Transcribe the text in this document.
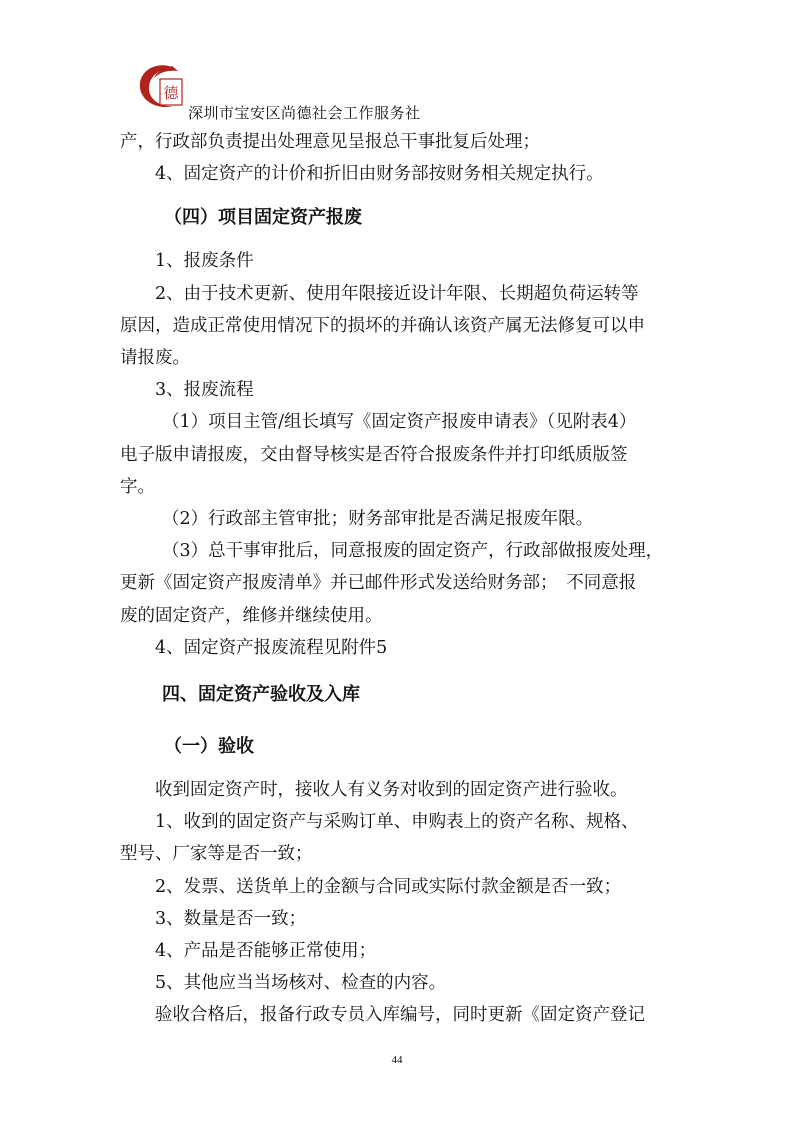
德
深圳市宝安区尚德社会工作服务社
产，行政部负责提出处理意见呈报总干事批复后处理；
4、固定资产的计价和折旧由财务部按财务相关规定执行。
（四）项目固定资产报废
1、报废条件
2、由于技术更新、使用年限接近设计年限、长期超负荷运转等
原因，造成正常使用情况下的损坏的并确认该资产属无法修复可以申
请报废。
3、报废流程
（1）项目主管/组长填写《固定资产报废申请表》（见附表4）
电子版申请报废，交由督导核实是否符合报废条件并打印纸质版签
字。
（2）行政部主管审批；财务部审批是否满足报废年限。
（3）总干事审批后，同意报废的固定资产，行政部做报废处理，
更新《固定资产报废清单》并已邮件形式发送给财务部；　不同意报
废的固定资产，维修并继续使用。
4、固定资产报废流程见附件5
四、固定资产验收及入库
（一）验收
收到固定资产时，接收人有义务对收到的固定资产进行验收。
1、收到的固定资产与采购订单、申购表上的资产名称、规格、
型号、厂家等是否一致；
2、发票、送货单上的金额与合同或实际付款金额是否一致；
3、数量是否一致；
4、产品是否能够正常使用；
5、其他应当当场核对、检查的内容。
验收合格后，报备行政专员入库编号，同时更新《固定资产登记
44
